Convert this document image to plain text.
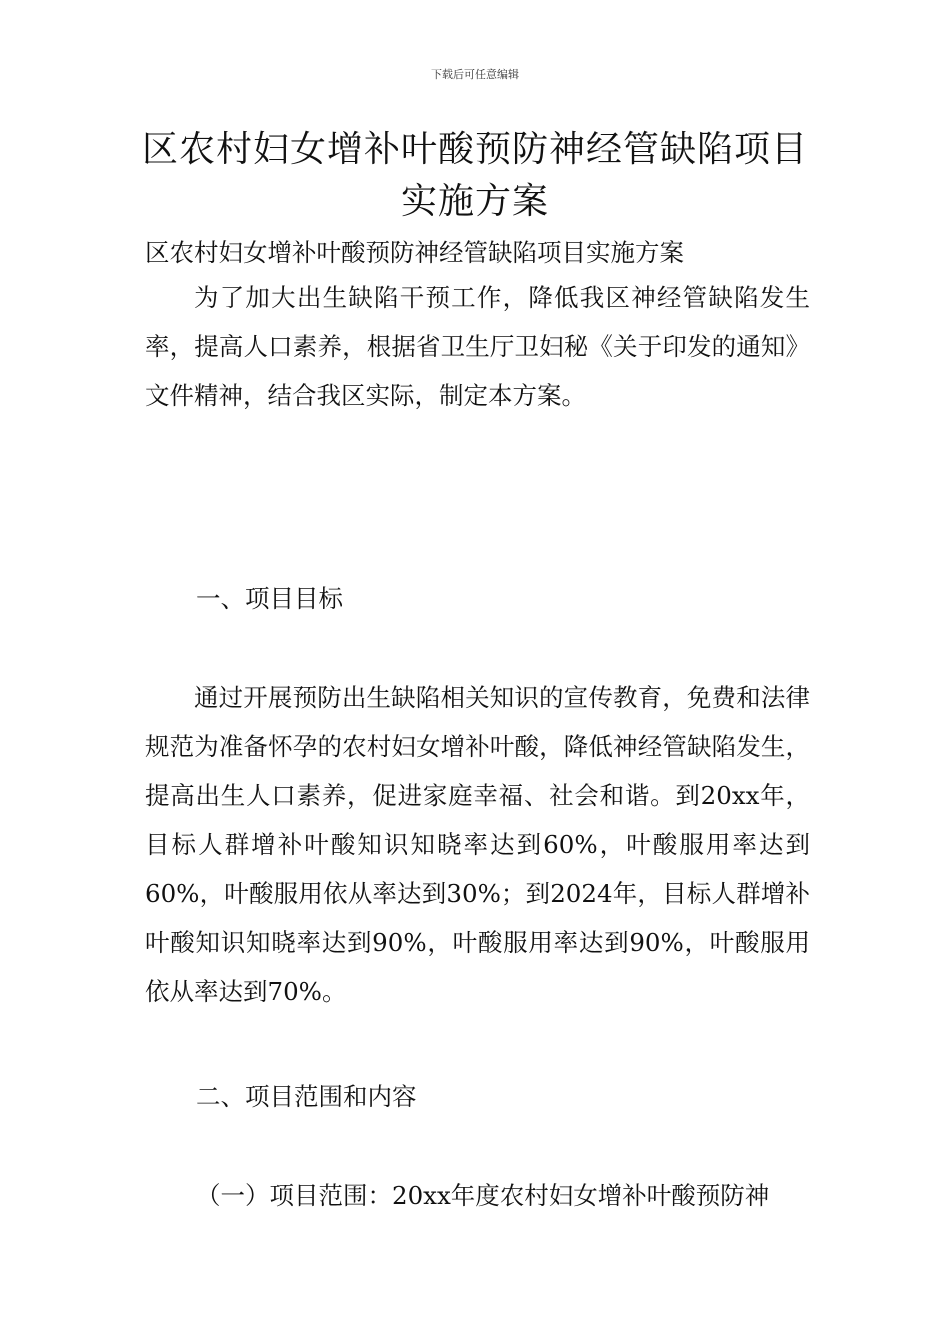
下载后可任意编辑
区农村妇女增补叶酸预防神经管缺陷项目
实施方案

区农村妇女增补叶酸预防神经管缺陷项目实施方案

为了加大出生缺陷干预工作，降低我区神经管缺陷发生率，提高人口素养，根据省卫生厅卫妇秘《关于印发的通知》文件精神，结合我区实际，制定本方案。

一、项目目标

通过开展预防出生缺陷相关知识的宣传教育，免费和法律规范为准备怀孕的农村妇女增补叶酸，降低神经管缺陷发生，提高出生人口素养，促进家庭幸福、社会和谐。到20xx年，目标人群增补叶酸知识知晓率达到60%，叶酸服用率达到60%，叶酸服用依从率达到30%；到2024年，目标人群增补叶酸知识知晓率达到90%，叶酸服用率达到90%，叶酸服用依从率达到70%。

二、项目范围和内容

（一）项目范围：20xx年度农村妇女增补叶酸预防神
